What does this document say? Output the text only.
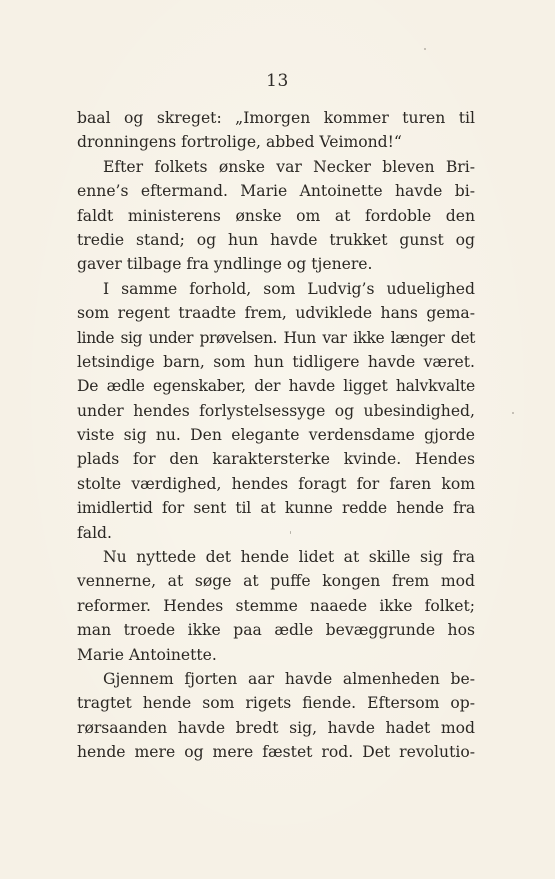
13
baal og skreget: „Imorgen kommer turen til
dronningens fortrolige, abbed Veimond!“
Efter folkets ønske var Necker bleven Bri-
enne’s eftermand. Marie Antoinette havde bi-
faldt ministerens ønske om at fordoble den
tredie stand; og hun havde trukket gunst og
gaver tilbage fra yndlinge og tjenere.
I samme forhold, som Ludvig’s uduelighed
som regent traadte frem, udviklede hans gema-
linde sig under prøvelsen. Hun var ikke længer det
letsindige barn, som hun tidligere havde været.
De ædle egenskaber, der havde ligget halvkvalte
under hendes forlystelsessyge og ubesindighed,
viste sig nu. Den elegante verdensdame gjorde
plads for den karaktersterke kvinde. Hendes
stolte værdighed, hendes foragt for faren kom
imidlertid for sent til at kunne redde hende fra
fald.
Nu nyttede det hende lidet at skille sig fra
vennerne, at søge at puffe kongen frem mod
reformer. Hendes stemme naaede ikke folket;
man troede ikke paa ædle bevæggrunde hos
Marie Antoinette.
Gjennem fjorten aar havde almenheden be-
tragtet hende som rigets fiende. Eftersom op-
rørsaanden havde bredt sig, havde hadet mod
hende mere og mere fæstet rod. Det revolutio-
